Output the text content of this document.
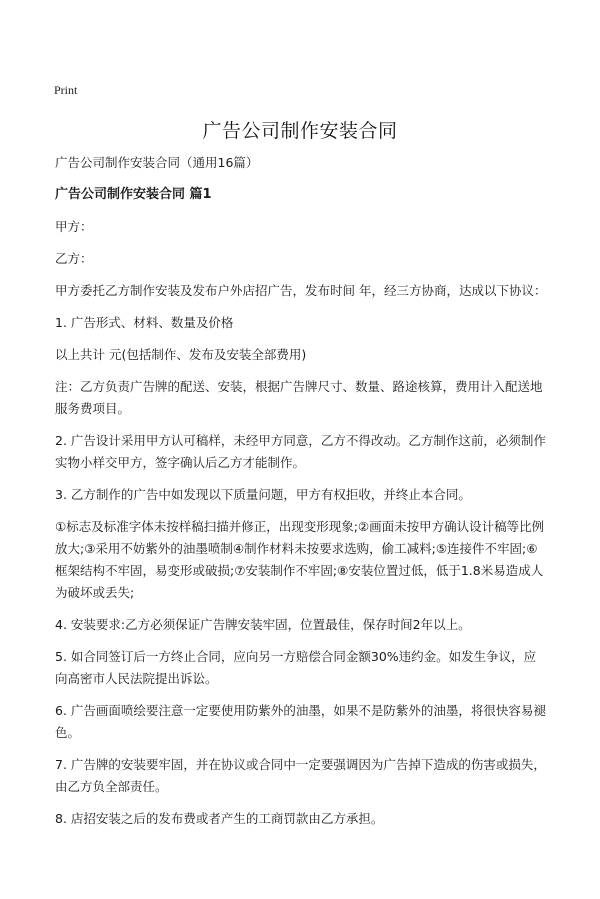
Print
广告公司制作安装合同

广告公司制作安装合同（通用16篇）

广告公司制作安装合同 篇1

甲方：

乙方：

甲方委托乙方制作安装及发布户外店招广告，发布时间 年，经三方协商，达成以下协议：

1. 广告形式、材料、数量及价格

以上共计 元(包括制作、发布及安装全部费用)

注：乙方负责广告牌的配送、安装，根据广告牌尺寸、数量、路途核算，费用计入配送地服务费项目。

2. 广告设计采用甲方认可稿样，未经甲方同意，乙方不得改动。乙方制作这前，必须制作实物小样交甲方，签字确认后乙方才能制作。

3. 乙方制作的广告中如发现以下质量问题，甲方有权拒收，并终止本合同。

①标志及标准字体未按样稿扫描并修正，出现变形现象;②画面未按甲方确认设计稿等比例放大;③采用不妨紫外的油墨喷制④制作材料未按要求选购，偷工减料;⑤连接件不牢固;⑥框架结构不牢固，易变形或破损;⑦安装制作不牢固;⑧安装位置过低，低于1.8米易造成人为破坏或丢失;

4. 安装要求:乙方必须保证广告牌安装牢固，位置最佳，保存时间2年以上。

5. 如合同签订后一方终止合同，应向另一方赔偿合同金额30%违约金。如发生争议，应向高密市人民法院提出诉讼。

6. 广告画面喷绘要注意一定要使用防紫外的油墨，如果不是防紫外的油墨，将很快容易褪色。

7. 广告牌的安装要牢固，并在协议或合同中一定要强调因为广告掉下造成的伤害或损失，由乙方负全部责任。

8. 店招安装之后的发布费或者产生的工商罚款由乙方承担。
